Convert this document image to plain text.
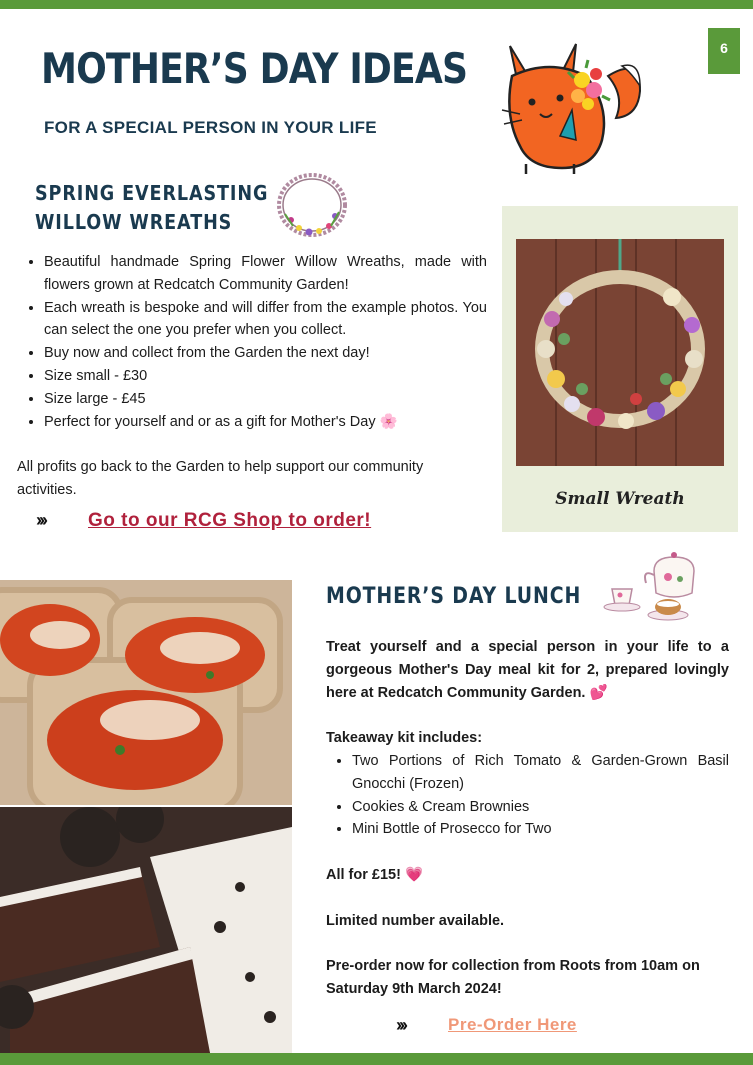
6
MOTHER’S DAY IDEAS
FOR A SPECIAL PERSON IN YOUR LIFE
SPRING EVERLASTING
WILLOW WREATHS
• Beautiful handmade Spring Flower Willow Wreaths, made with flowers grown at Redcatch Community Garden!
• Each wreath is bespoke and will differ from the example photos. You can select the one you prefer when you collect.
• Buy now and collect from the Garden the next day!
• Size small - £30
• Size large - £45
• Perfect for yourself and or as a gift for Mother's Day 🌸
All profits go back to the Garden to help support our community activities.
››› Go to our RCG Shop to order!
Small Wreath
MOTHER’S DAY LUNCH
Treat yourself and a special person in your life to a gorgeous Mother's Day meal kit for 2, prepared lovingly here at Redcatch Community Garden. 💕
Takeaway kit includes:
• Two Portions of Rich Tomato & Garden-Grown Basil Gnocchi (Frozen)
• Cookies & Cream Brownies
• Mini Bottle of Prosecco for Two
All for £15! 💗
Limited number available.
Pre-order now for collection from Roots from 10am on Saturday 9th March 2024!
›››	Pre-Order Here
